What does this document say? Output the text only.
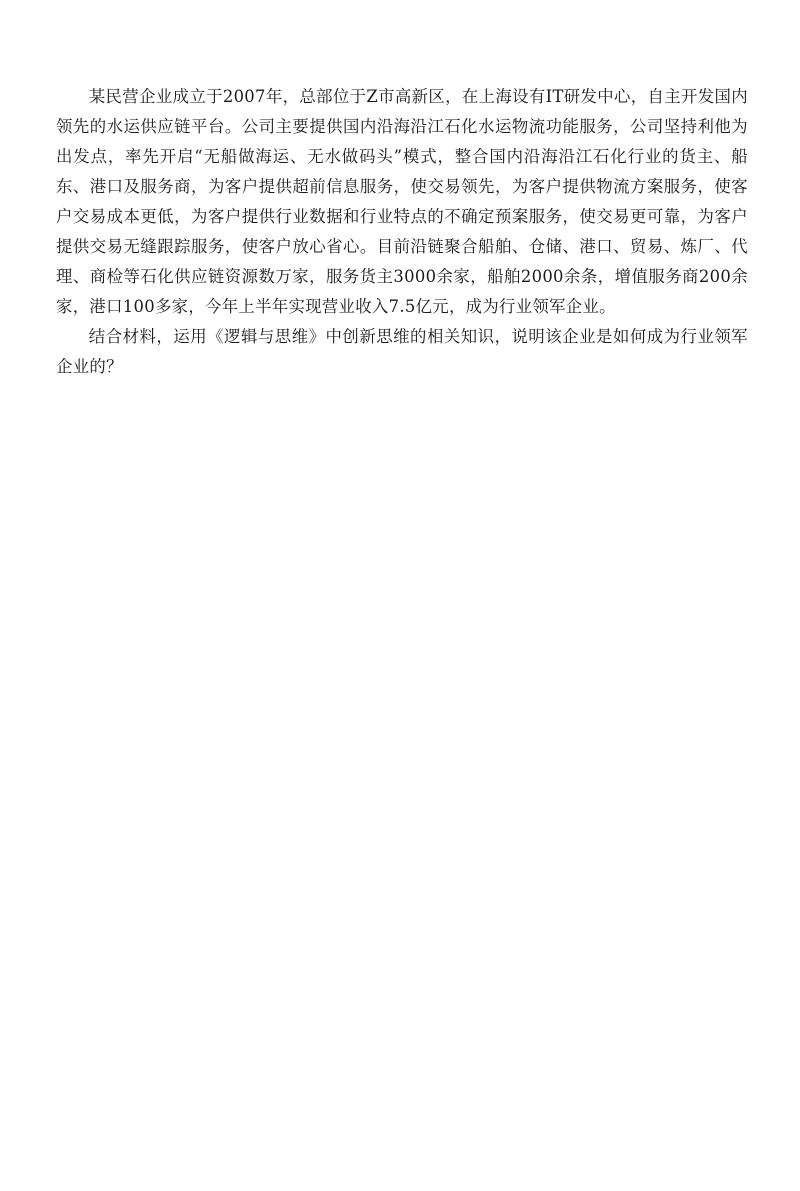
某民营企业成立于2007年，总部位于Z市高新区，在上海设有IT研发中心，自主开发国内领先的水运供应链平台。公司主要提供国内沿海沿江石化水运物流功能服务，公司坚持利他为出发点，率先开启“无船做海运、无水做码头”模式，整合国内沿海沿江石化行业的货主、船东、港口及服务商，为客户提供超前信息服务，使交易领先，为客户提供物流方案服务，使客户交易成本更低，为客户提供行业数据和行业特点的不确定预案服务，使交易更可靠，为客户提供交易无缝跟踪服务，使客户放心省心。目前沿链聚合船舶、仓储、港口、贸易、炼厂、代理、商检等石化供应链资源数万家，服务货主3000余家，船舶2000余条，增值服务商200余家，港口100多家，今年上半年实现营业收入7.5亿元，成为行业领军企业。

结合材料，运用《逻辑与思维》中创新思维的相关知识，说明该企业是如何成为行业领军企业的？
